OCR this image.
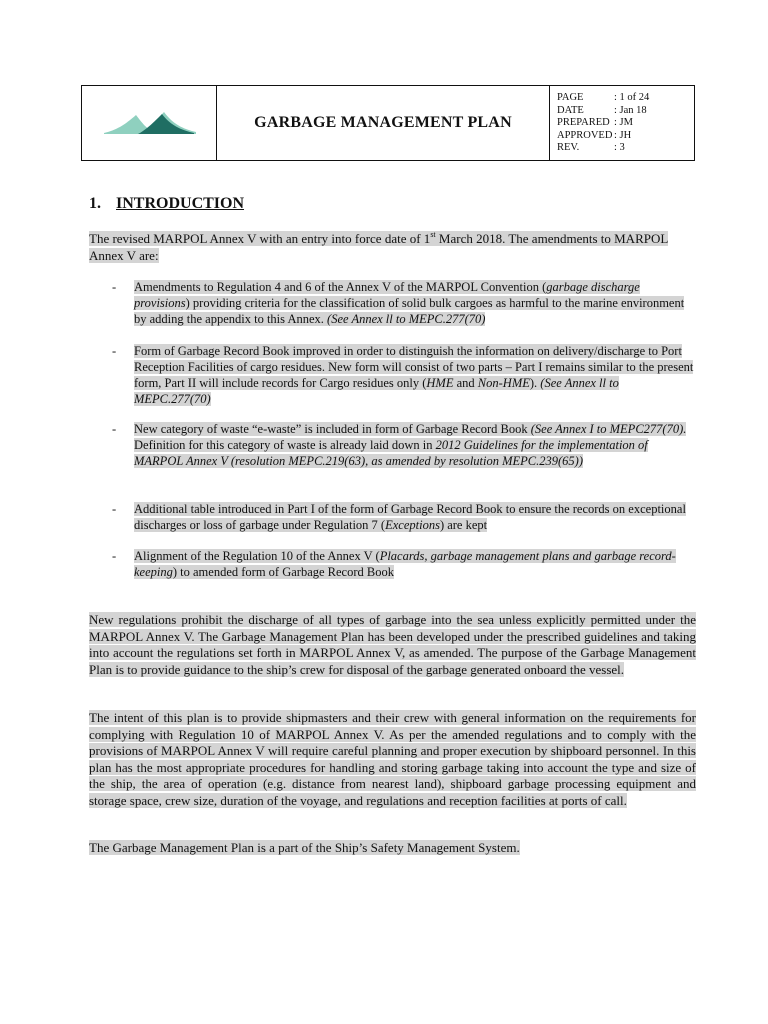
GARBAGE MANAGEMENT PLAN
PAGE	: 1 of 24
DATE	: Jan 18
PREPARED : JM
APPROVED : JH
REV.	: 3
1. INTRODUCTION
The revised MARPOL Annex V with an entry into force date of 1st March 2018. The amendments to MARPOL Annex V are:
- Amendments to Regulation 4 and 6 of the Annex V of the MARPOL Convention (garbage discharge provisions) providing criteria for the classification of solid bulk cargoes as harmful to the marine environment by adding the appendix to this Annex. (See Annex ll to MEPC.277(70)
- Form of Garbage Record Book improved in order to distinguish the information on delivery/discharge to Port Reception Facilities of cargo residues. New form will consist of two parts – Part I remains similar to the present form, Part II will include records for Cargo residues only (HME and Non-HME). (See Annex ll to MEPC.277(70)
- New category of waste “e-waste” is included in form of Garbage Record Book (See Annex I to MEPC277(70). Definition for this category of waste is already laid down in 2012 Guidelines for the implementation of MARPOL Annex V (resolution MEPC.219(63), as amended by resolution MEPC.239(65))
- Additional table introduced in Part I of the form of Garbage Record Book to ensure the records on exceptional discharges or loss of garbage under Regulation 7 (Exceptions) are kept
- Alignment of the Regulation 10 of the Annex V (Placards, garbage management plans and garbage record-keeping) to amended form of Garbage Record Book
New regulations prohibit the discharge of all types of garbage into the sea unless explicitly permitted under the MARPOL Annex V. The Garbage Management Plan has been developed under the prescribed guidelines and taking into account the regulations set forth in MARPOL Annex V, as amended. The purpose of the Garbage Management Plan is to provide guidance to the ship’s crew for disposal of the garbage generated onboard the vessel.
The intent of this plan is to provide shipmasters and their crew with general information on the requirements for complying with Regulation 10 of MARPOL Annex V. As per the amended regulations and to comply with the provisions of MARPOL Annex V will require careful planning and proper execution by shipboard personnel. In this plan has the most appropriate procedures for handling and storing garbage taking into account the type and size of the ship, the area of operation (e.g. distance from nearest land), shipboard garbage processing equipment and storage space, crew size, duration of the voyage, and regulations and reception facilities at ports of call.
The Garbage Management Plan is a part of the Ship’s Safety Management System.
